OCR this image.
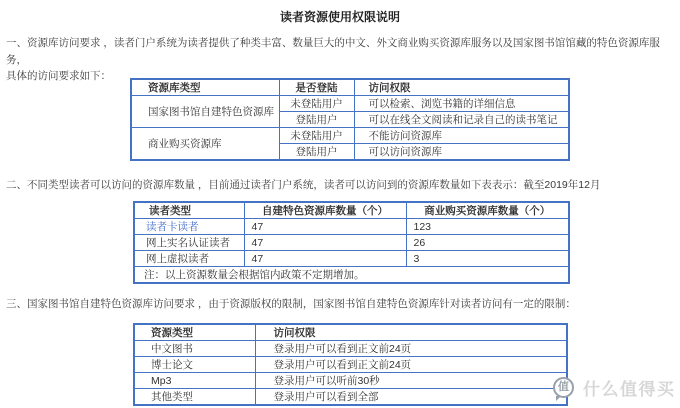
读者资源使用权限说明
一、资源库访问要求 ，读者门户系统为读者提供了种类丰富、数量巨大的中文、外文商业购买资源库服务以及国家图书馆馆藏的特色资源库服务，
具体的访问要求如下：
资源库类型	是否登陆	访问权限
国家图书馆自建特色资源库	未登陆用户	可以检索、浏览书籍的详细信息
	登陆用户	可以在线全文阅读和记录自己的读书笔记
商业购买资源库	未登陆用户	不能访问资源库
	登陆用户	可以访问资源库
二、不同类型读者可以访问的资源库数量 ，目前通过读者门户系统，读者可以访问到的资源库数量如下表表示：截至2019年12月
读者类型	自建特色资源库数量（个）	商业购买资源库数量（个）
读者卡读者	47	123
网上实名认证读者	47	26
网上虚拟读者	47	3
注：以上资源数量会根据馆内政策不定期增加。		
三、国家图书馆自建特色资源库访问要求 ，由于资源版权的限制，国家图书馆自建特色资源库针对读者访问有一定的限制：
资源类型	访问权限
中文图书	登录用户可以看到正文前24页
博士论文	登录用户可以看到正文前24页
Mp3	登录用户可以听前30秒
其他类型	登录用户可以看到全部
值 什么值得买
